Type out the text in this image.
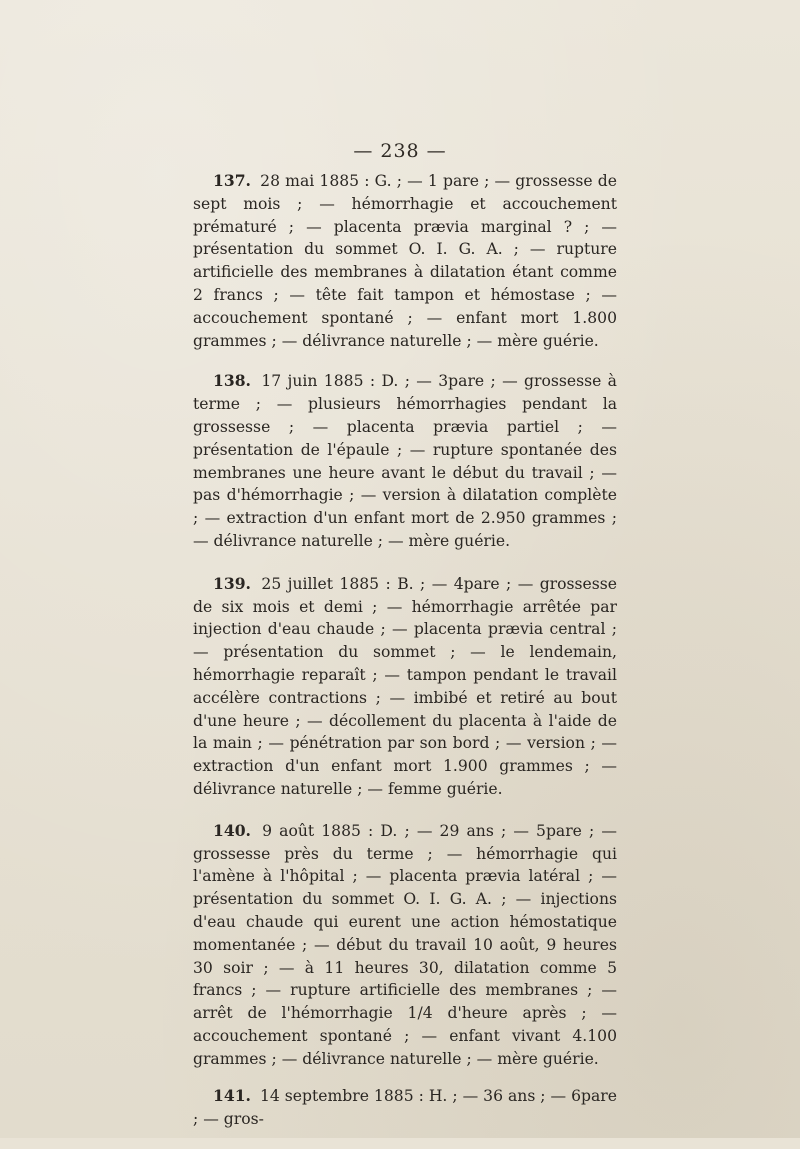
— 238 —

137. 28 mai 1885 : G. ; — 1 pare ; — grossesse de sept mois ; — hémorrhagie et accouchement prématuré ; — placenta prævia marginal ? ; — présentation du sommet O. I. G. A. ; — rupture artificielle des membranes à dilatation étant comme 2 francs ; — tête fait tampon et hémostase ; — accouchement spontané ; — enfant mort 1.800 grammes ; — délivrance naturelle ; — mère guérie.

138. 17 juin 1885 : D. ; — 3pare ; — grossesse à terme ; — plusieurs hémorrhagies pendant la grossesse ; — placenta prævia partiel ; — présentation de l'épaule ; — rupture spontanée des membranes une heure avant le début du travail ; — pas d'hémorrhagie ; — version à dilatation complète ; — extraction d'un enfant mort de 2.950 grammes ; — délivrance naturelle ; — mère guérie.

139. 25 juillet 1885 : B. ; — 4pare ; — grossesse de six mois et demi ; — hémorrhagie arrêtée par injection d'eau chaude ; — placenta prævia central ; — présentation du sommet ; — le lendemain, hémorrhagie reparaît ; — tampon pendant le travail accélère contractions ; — imbibé et retiré au bout d'une heure ; — décollement du placenta à l'aide de la main ; — pénétration par son bord ; — version ; — extraction d'un enfant mort 1.900 grammes ; — délivrance naturelle ; — femme guérie.

140. 9 août 1885 : D. ; — 29 ans ; — 5pare ; — grossesse près du terme ; — hémorrhagie qui l'amène à l'hôpital ; — placenta prævia latéral ; — présentation du sommet O. I. G. A. ; — injections d'eau chaude qui eurent une action hémostatique momentanée ; — début du travail 10 août, 9 heures 30 soir ; — à 11 heures 30, dilatation comme 5 francs ; — rupture artificielle des membranes ; — arrêt de l'hémorrhagie 1/4 d'heure après ; — accouchement spontané ; — enfant vivant 4.100 grammes ; — délivrance naturelle ; — mère guérie.

141. 14 septembre 1885 : H. ; — 36 ans ; — 6pare ; — gros-
